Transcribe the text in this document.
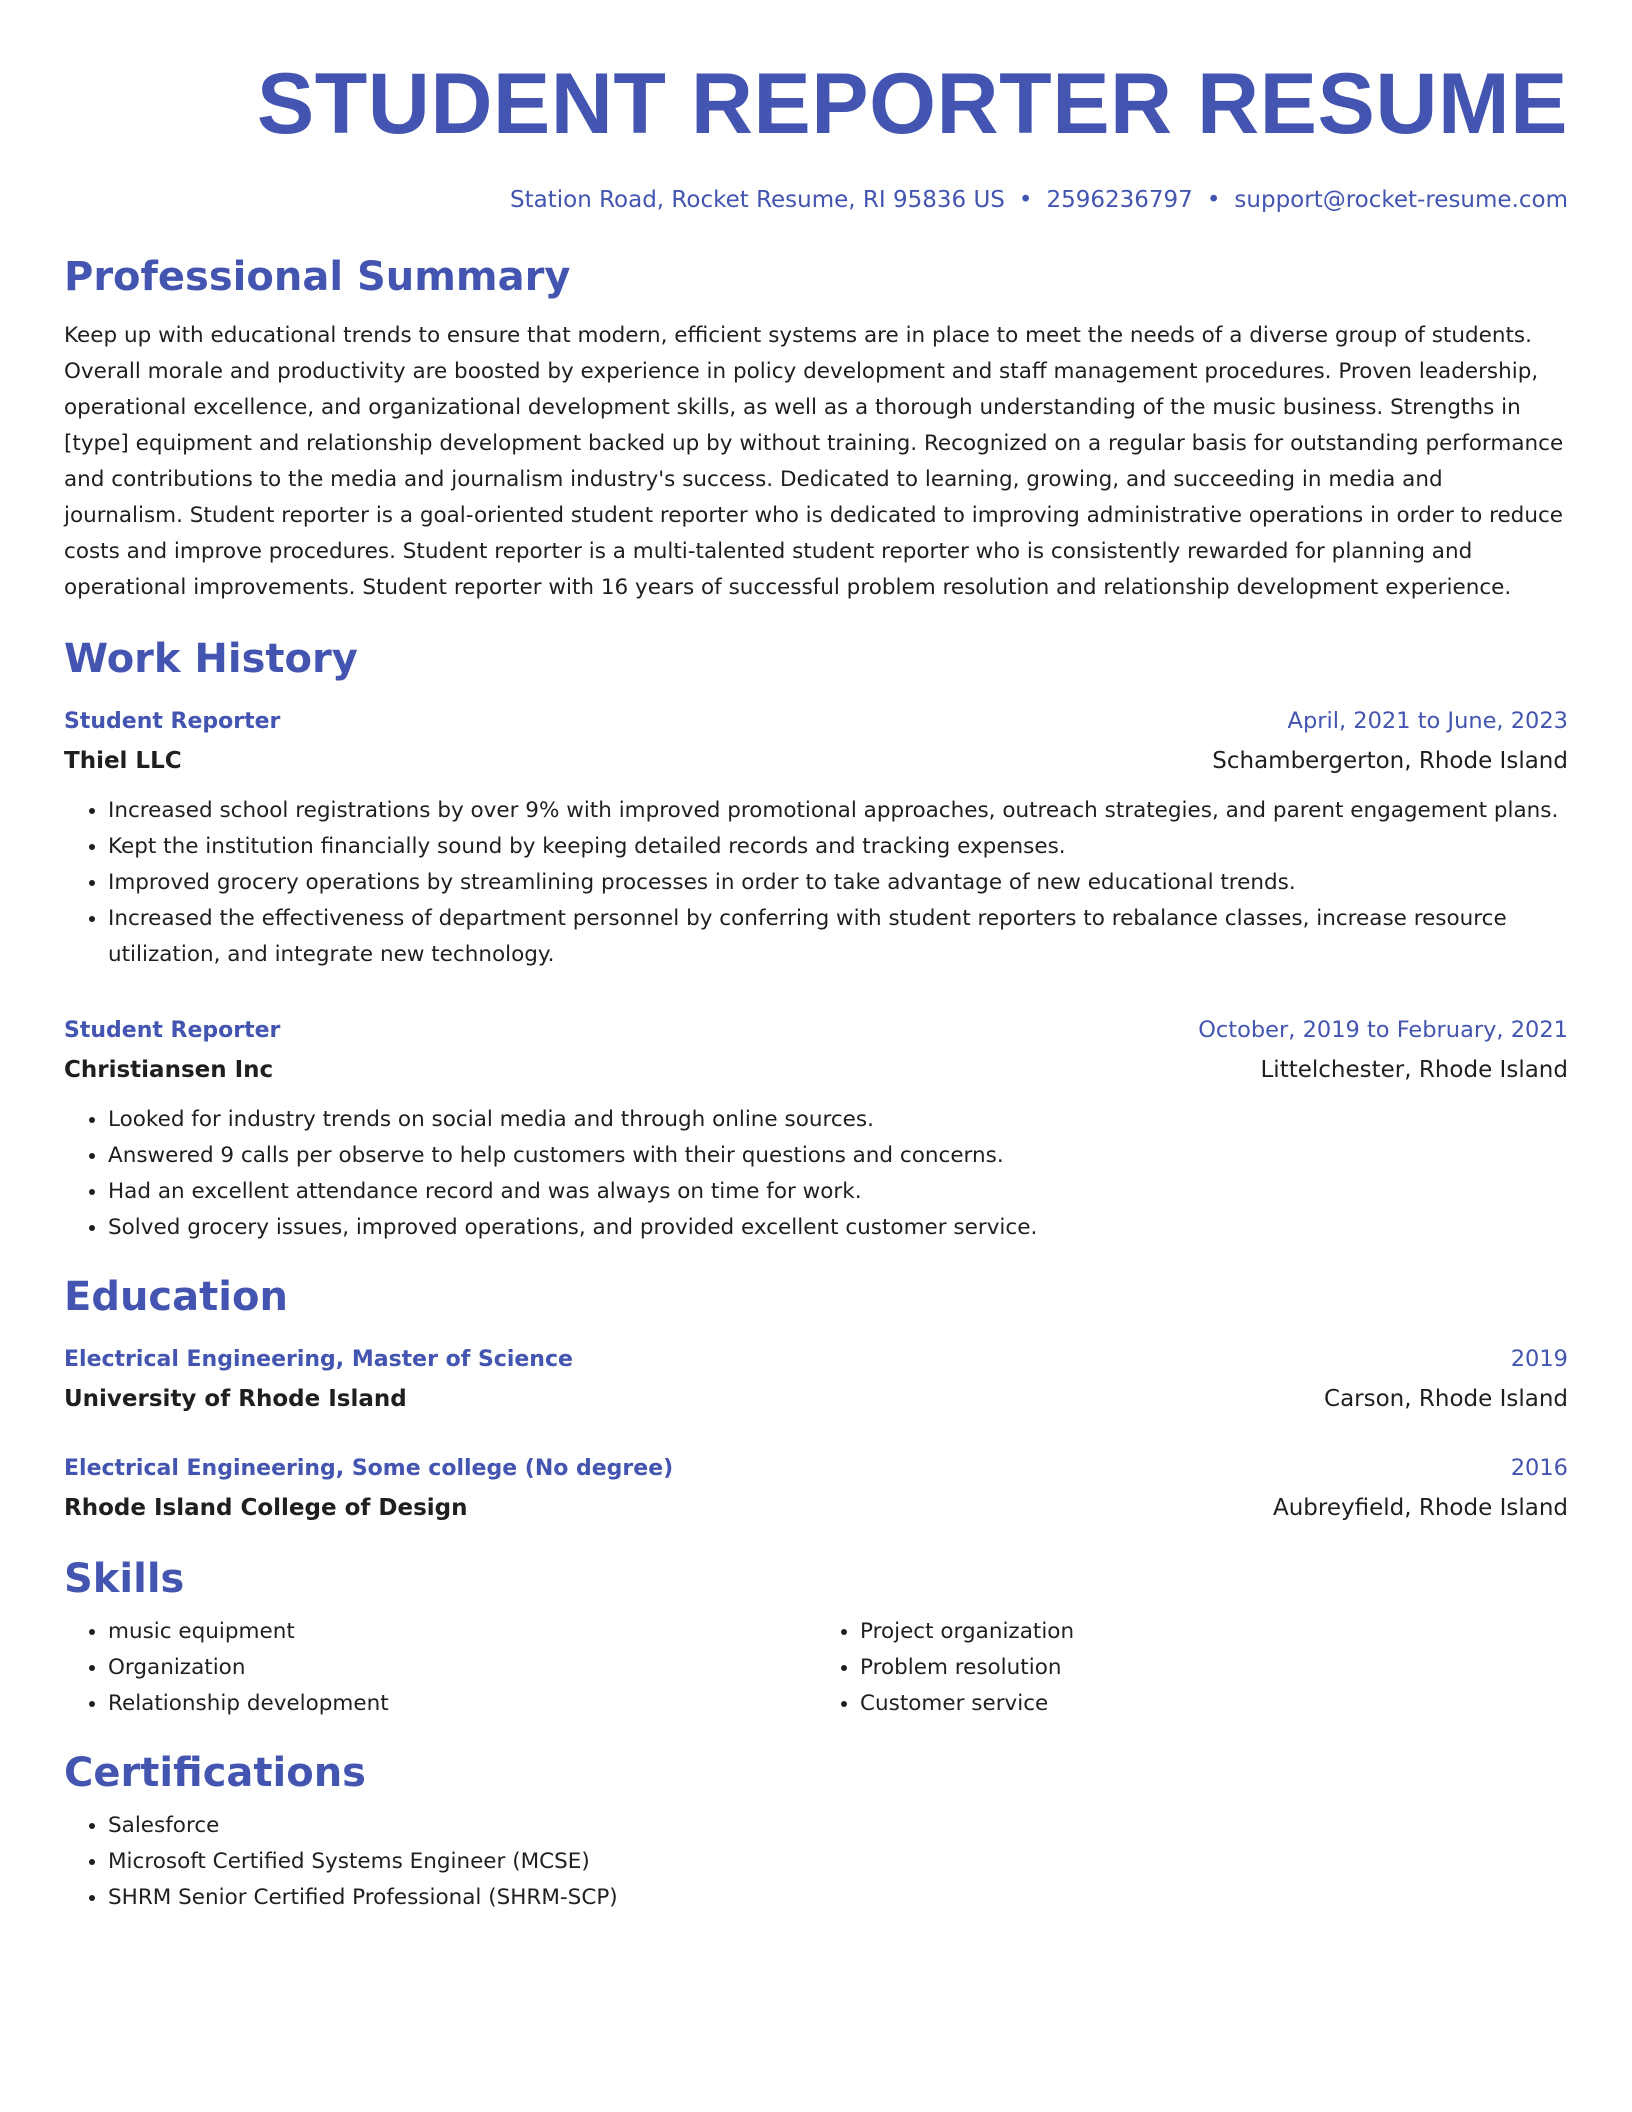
STUDENT REPORTER RESUME
Station Road, Rocket Resume, RI 95836 US • 2596236797 • support@rocket-resume.com
Professional Summary
Keep up with educational trends to ensure that modern, efficient systems are in place to meet the needs of a diverse group of students. Overall morale and productivity are boosted by experience in policy development and staff management procedures. Proven leadership, operational excellence, and organizational development skills, as well as a thorough understanding of the music business. Strengths in [type] equipment and relationship development backed up by without training. Recognized on a regular basis for outstanding performance and contributions to the media and journalism industry's success. Dedicated to learning, growing, and succeeding in media and journalism. Student reporter is a goal-oriented student reporter who is dedicated to improving administrative operations in order to reduce costs and improve procedures. Student reporter is a multi-talented student reporter who is consistently rewarded for planning and operational improvements. Student reporter with 16 years of successful problem resolution and relationship development experience.
Work History
Student Reporter	April, 2021 to June, 2023
Thiel LLC	Schambergerton, Rhode Island
• Increased school registrations by over 9% with improved promotional approaches, outreach strategies, and parent engagement plans.
• Kept the institution financially sound by keeping detailed records and tracking expenses.
• Improved grocery operations by streamlining processes in order to take advantage of new educational trends.
• Increased the effectiveness of department personnel by conferring with student reporters to rebalance classes, increase resource utilization, and integrate new technology.
Student Reporter	October, 2019 to February, 2021
Christiansen Inc	Littelchester, Rhode Island
• Looked for industry trends on social media and through online sources.
• Answered 9 calls per observe to help customers with their questions and concerns.
• Had an excellent attendance record and was always on time for work.
• Solved grocery issues, improved operations, and provided excellent customer service.
Education
Electrical Engineering, Master of Science	2019
University of Rhode Island	Carson, Rhode Island
Electrical Engineering, Some college (No degree)	2016
Rhode Island College of Design	Aubreyfield, Rhode Island
Skills
• music equipment
• Organization
• Relationship development
• Project organization
• Problem resolution
• Customer service
Certifications
• Salesforce
• Microsoft Certified Systems Engineer (MCSE)
• SHRM Senior Certified Professional (SHRM-SCP)
